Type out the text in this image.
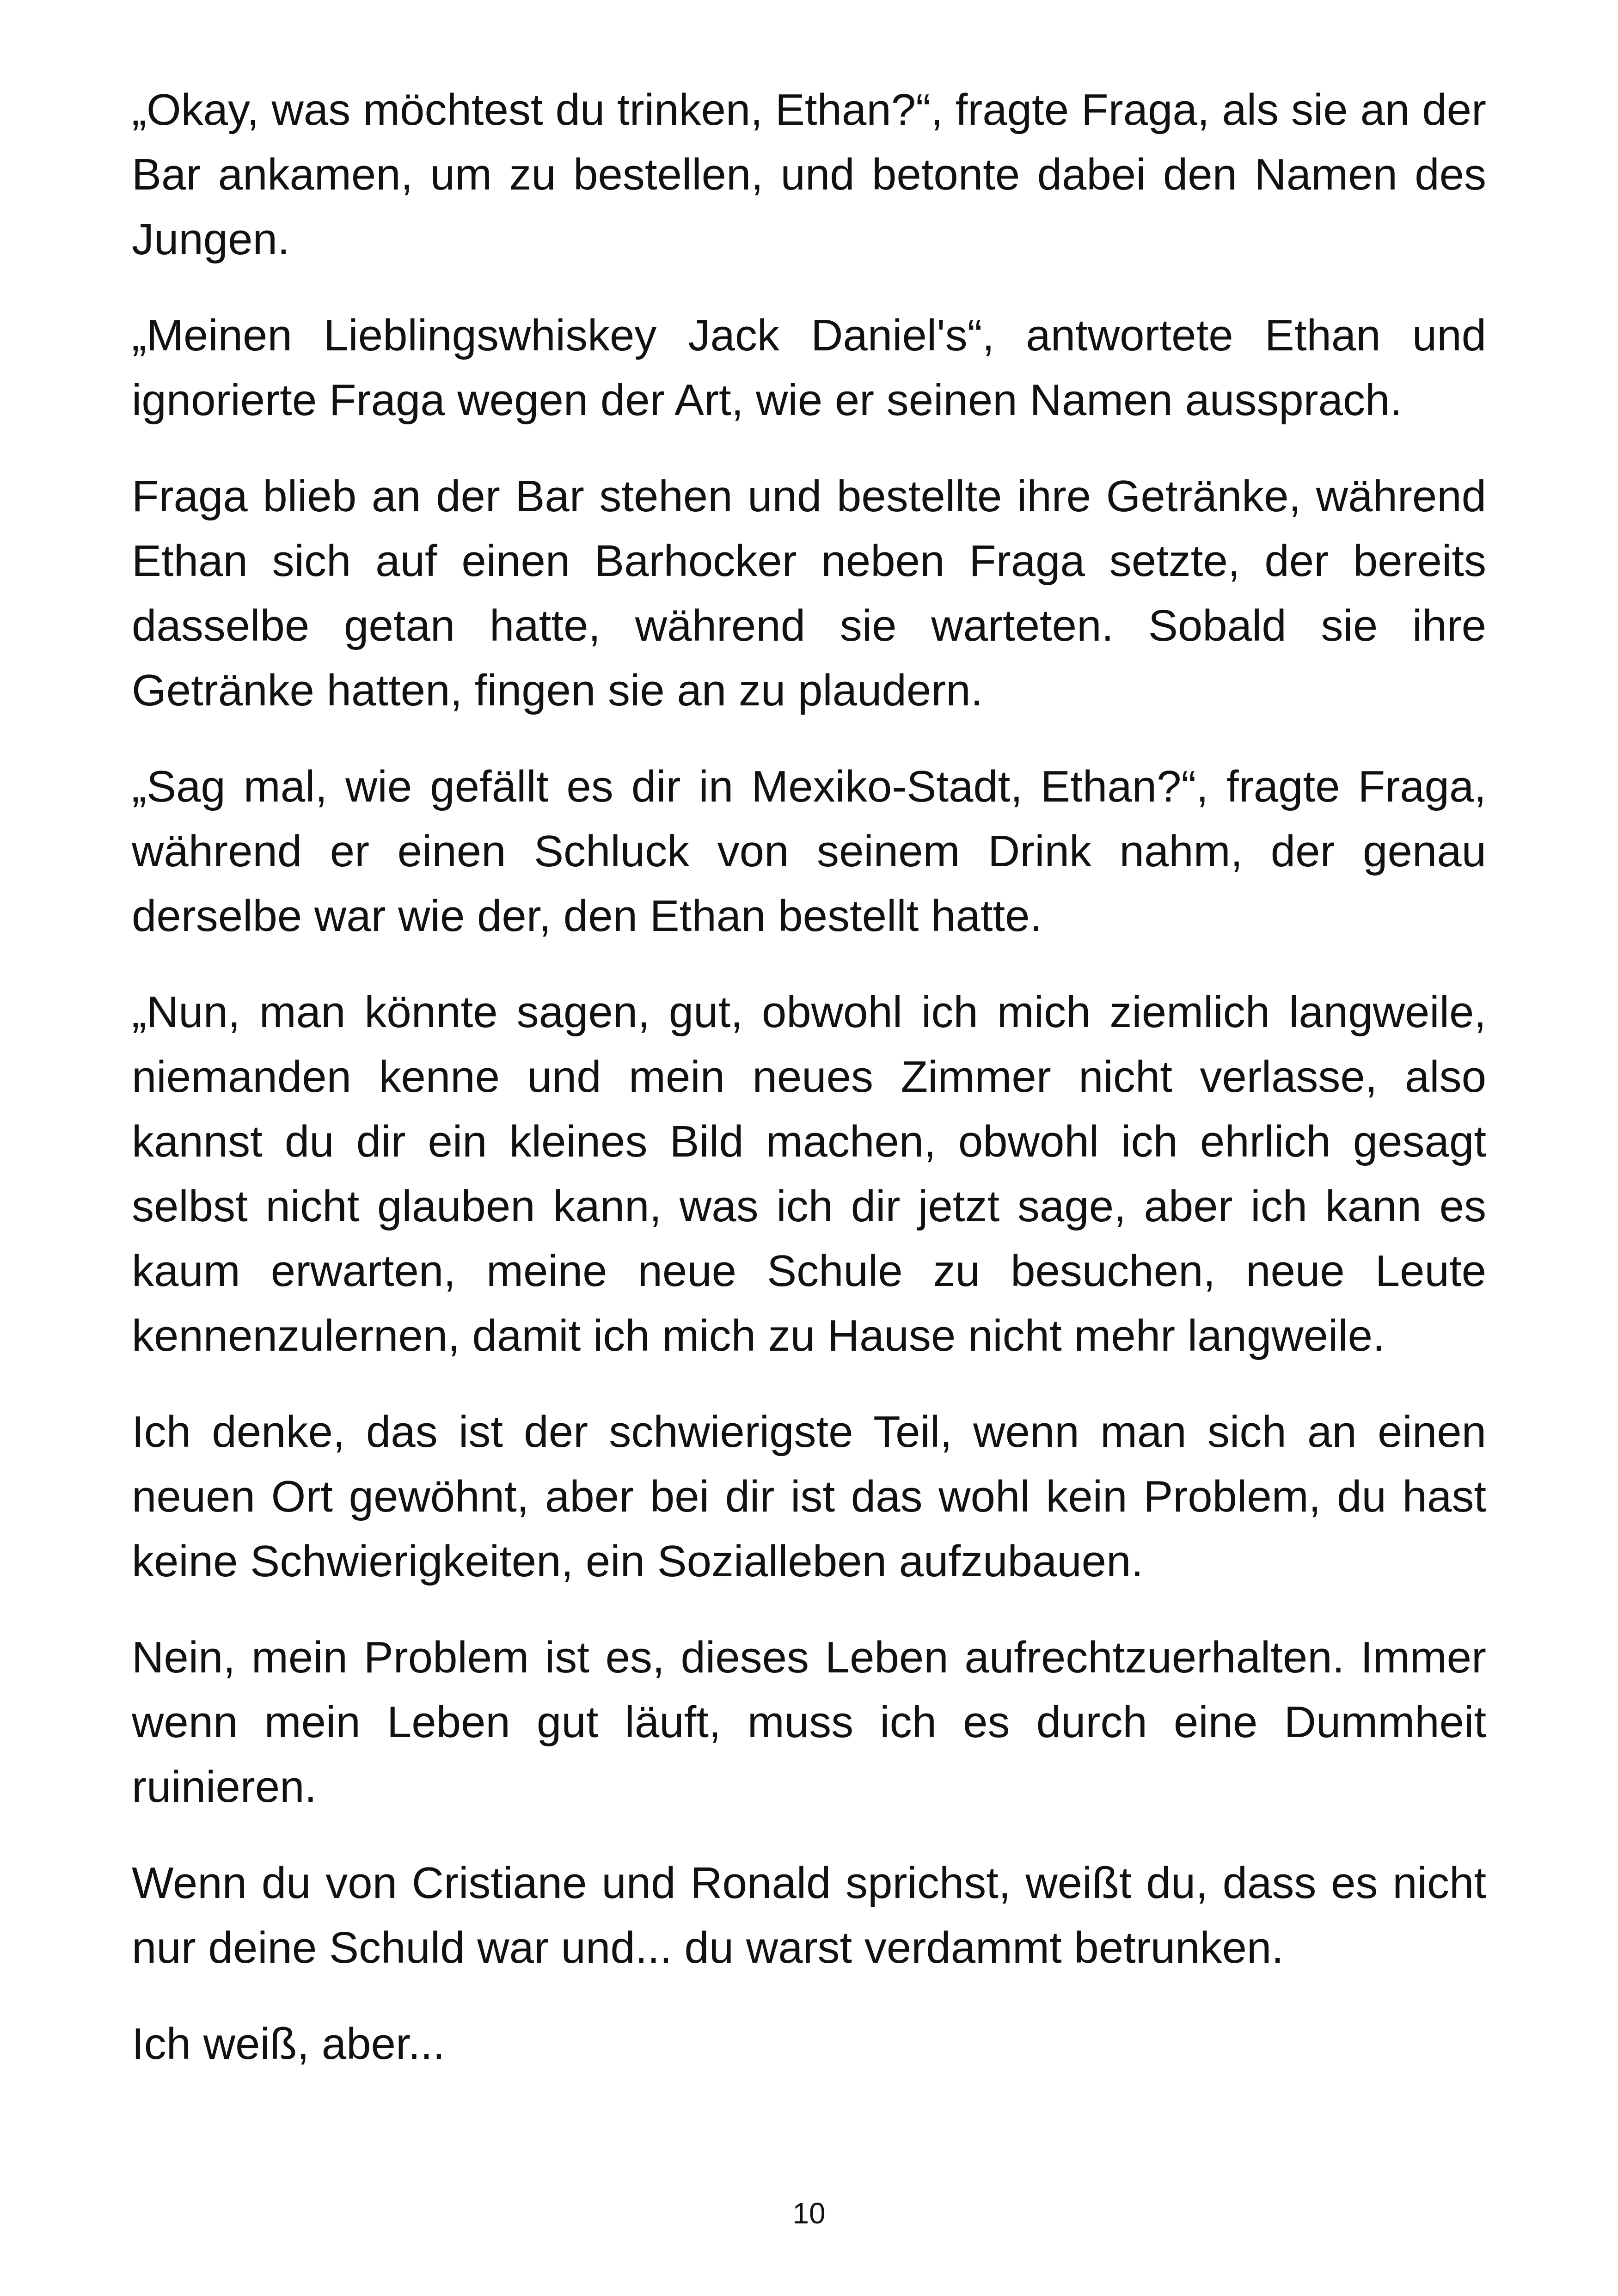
„Okay, was möchtest du trinken, Ethan?“, fragte Fraga, als sie an der Bar ankamen, um zu bestellen, und betonte dabei den Namen des Jungen.

„Meinen Lieblingswhiskey Jack Daniel's“, antwortete Ethan und ignorierte Fraga wegen der Art, wie er seinen Namen aussprach.

Fraga blieb an der Bar stehen und bestellte ihre Getränke, während Ethan sich auf einen Barhocker neben Fraga setzte, der bereits dasselbe getan hatte, während sie warteten. Sobald sie ihre Getränke hatten, fingen sie an zu plaudern.

„Sag mal, wie gefällt es dir in Mexiko-Stadt, Ethan?“, fragte Fraga, während er einen Schluck von seinem Drink nahm, der genau derselbe war wie der, den Ethan bestellt hatte.

„Nun, man könnte sagen, gut, obwohl ich mich ziemlich langweile, niemanden kenne und mein neues Zimmer nicht verlasse, also kannst du dir ein kleines Bild machen, obwohl ich ehrlich gesagt selbst nicht glauben kann, was ich dir jetzt sage, aber ich kann es kaum erwarten, meine neue Schule zu besuchen, neue Leute kennenzulernen, damit ich mich zu Hause nicht mehr langweile.

Ich denke, das ist der schwierigste Teil, wenn man sich an einen neuen Ort gewöhnt, aber bei dir ist das wohl kein Problem, du hast keine Schwierigkeiten, ein Sozialleben aufzubauen.

Nein, mein Problem ist es, dieses Leben aufrechtzuerhalten. Immer wenn mein Leben gut läuft, muss ich es durch eine Dummheit ruinieren.

Wenn du von Cristiane und Ronald sprichst, weißt du, dass es nicht nur deine Schuld war und... du warst verdammt betrunken.

Ich weiß, aber...

10
